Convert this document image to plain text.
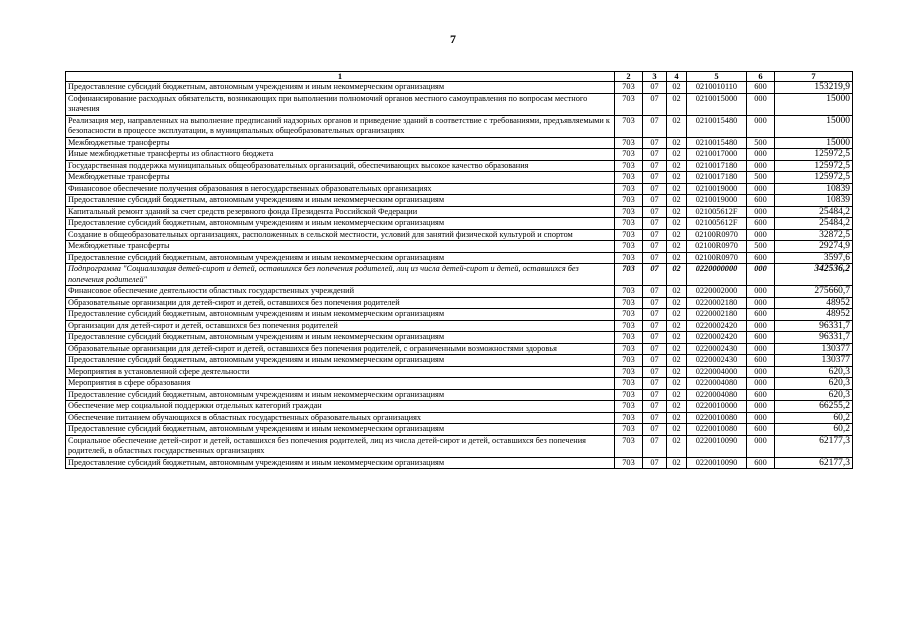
7
1	2	3	4	5	6	7
Предоставление субсидий бюджетным, автономным учреждениям и иным некоммерческим организациям	703	07	02	0210010110	600	153219,9
Софинансирование расходных обязательств, возникающих при выполнении полномочий органов местного самоуправления по вопросам местного значения	703	07	02	0210015000	000	15000
Реализация мер, направленных на выполнение предписаний надзорных органов и приведение зданий в соответствие с требованиями, предъявляемыми к безопасности в процессе эксплуатации, в муниципальных общеобразовательных организациях	703	07	02	0210015480	000	15000
Межбюджетные трансферты	703	07	02	0210015480	500	15000
Иные межбюджетные трансферты из областного бюджета	703	07	02	0210017000	000	125972,5
Государственная поддержка муниципальных общеобразовательных организаций, обеспечивающих высокое качество образования	703	07	02	0210017180	000	125972,5
Межбюджетные трансферты	703	07	02	0210017180	500	125972,5
Финансовое обеспечение получения образования в негосударственных образовательных организациях	703	07	02	0210019000	000	10839
Предоставление субсидий бюджетным, автономным учреждениям и иным некоммерческим организациям	703	07	02	0210019000	600	10839
Капитальный ремонт зданий за счет средств резервного фонда Президента Российской Федерации	703	07	02	021005612F	000	25484,2
Предоставление субсидий бюджетным, автономным учреждениям и иным некоммерческим организациям	703	07	02	021005612F	600	25484,2
Создание в общеобразовательных организациях, расположенных в сельской местности, условий для занятий физической культурой и спортом	703	07	02	02100R0970	000	32872,5
Межбюджетные трансферты	703	07	02	02100R0970	500	29274,9
Предоставление субсидий бюджетным, автономным учреждениям и иным некоммерческим организациям	703	07	02	02100R0970	600	3597,6
Подпрограмма "Социализация детей-сирот и детей, оставшихся без попечения родителей, лиц из числа детей-сирот и детей, оставшихся без попечения родителей"	703	07	02	0220000000	000	342536,2
Финансовое обеспечение деятельности областных государственных учреждений	703	07	02	0220002000	000	275660,7
Образовательные организации для детей-сирот и детей, оставшихся без попечения родителей	703	07	02	0220002180	000	48952
Предоставление субсидий бюджетным, автономным учреждениям и иным некоммерческим организациям	703	07	02	0220002180	600	48952
Организации для детей-сирот и детей, оставшихся без попечения родителей	703	07	02	0220002420	000	96331,7
Предоставление субсидий бюджетным, автономным учреждениям и иным некоммерческим организациям	703	07	02	0220002420	600	96331,7
Образовательные организации для детей-сирот и детей, оставшихся без попечения родителей, с ограниченными возможностями здоровья	703	07	02	0220002430	000	130377
Предоставление субсидий бюджетным, автономным учреждениям и иным некоммерческим организациям	703	07	02	0220002430	600	130377
Мероприятия в установленной сфере деятельности	703	07	02	0220004000	000	620,3
Мероприятия в сфере образования	703	07	02	0220004080	000	620,3
Предоставление субсидий бюджетным, автономным учреждениям и иным некоммерческим организациям	703	07	02	0220004080	600	620,3
Обеспечение мер социальной поддержки отдельных категорий граждан	703	07	02	0220010000	000	66255,2
Обеспечение питанием обучающихся в областных государственных образовательных организациях	703	07	02	0220010080	000	60,2
Предоставление субсидий бюджетным, автономным учреждениям и иным некоммерческим организациям	703	07	02	0220010080	600	60,2
Социальное обеспечение детей-сирот и детей, оставшихся без попечения родителей, лиц из числа детей-сирот и детей, оставшихся без попечения родителей, в областных государственных организациях	703	07	02	0220010090	000	62177,3
Предоставление субсидий бюджетным, автономным учреждениям и иным некоммерческим организациям	703	07	02	0220010090	600	62177,3
